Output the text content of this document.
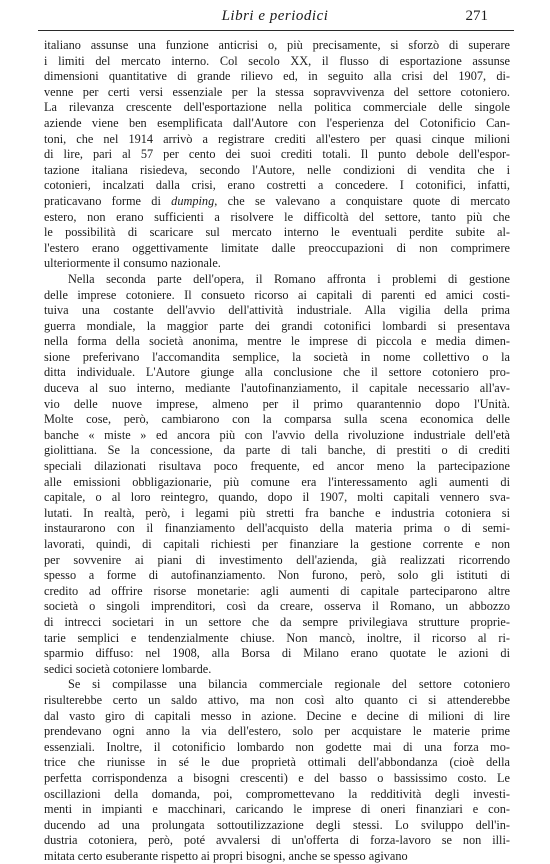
Libri e periodici	271
italiano assunse una funzione anticrisi o, più precisamente, si sforzò di superare
i limiti del mercato interno. Col secolo XX, il flusso di esportazione assunse
dimensioni quantitative di grande rilievo ed, in seguito alla crisi del 1907, di-
venne per certi versi essenziale per la stessa sopravvivenza del settore cotoniero.
La rilevanza crescente dell'esportazione nella politica commerciale delle singole
aziende viene ben esemplificata dall'Autore con l'esperienza del Cotonificio Can-
toni, che nel 1914 arrivò a registrare crediti all'estero per quasi cinque milioni
di lire, pari al 57 per cento dei suoi crediti totali. Il punto debole dell'espor-
tazione italiana risiedeva, secondo l'Autore, nelle condizioni di vendita che i
cotonieri, incalzati dalla crisi, erano costretti a concedere. I cotonifici, infatti,
praticavano forme di dumping, che se valevano a conquistare quote di mercato
estero, non erano sufficienti a risolvere le difficoltà del settore, tanto più che
le possibilità di scaricare sul mercato interno le eventuali perdite subite al-
l'estero erano oggettivamente limitate dalle preoccupazioni di non comprimere
ulteriormente il consumo nazionale.
Nella seconda parte dell'opera, il Romano affronta i problemi di gestione
delle imprese cotoniere. Il consueto ricorso ai capitali di parenti ed amici costi-
tuiva una costante dell'avvio dell'attività industriale. Alla vigilia della prima
guerra mondiale, la maggior parte dei grandi cotonifici lombardi si presentava
nella forma della società anonima, mentre le imprese di piccola e media dimen-
sione preferivano l'accomandita semplice, la società in nome collettivo o la
ditta individuale. L'Autore giunge alla conclusione che il settore cotoniero pro-
duceva al suo interno, mediante l'autofinanziamento, il capitale necessario all'av-
vio delle nuove imprese, almeno per il primo quarantennio dopo l'Unità.
Molte cose, però, cambiarono con la comparsa sulla scena economica delle
banche « miste » ed ancora più con l'avvio della rivoluzione industriale dell'età
giolittiana. Se la concessione, da parte di tali banche, di prestiti o di crediti
speciali dilazionati risultava poco frequente, ed ancor meno la partecipazione
alle emissioni obbligazionarie, più comune era l'interessamento agli aumenti di
capitale, o al loro reintegro, quando, dopo il 1907, molti capitali vennero sva-
lutati. In realtà, però, i legami più stretti fra banche e industria cotoniera si
instaurarono con il finanziamento dell'acquisto della materia prima o di semi-
lavorati, quindi, di capitali richiesti per finanziare la gestione corrente e non
per sovvenire ai piani di investimento dell'azienda, già realizzati ricorrendo
spesso a forme di autofinanziamento. Non furono, però, solo gli istituti di
credito ad offrire risorse monetarie: agli aumenti di capitale parteciparono altre
società o singoli imprenditori, così da creare, osserva il Romano, un abbozzo
di intrecci societari in un settore che da sempre privilegiava strutture proprie-
tarie semplici e tendenzialmente chiuse. Non mancò, inoltre, il ricorso al ri-
sparmio diffuso: nel 1908, alla Borsa di Milano erano quotate le azioni di
sedici società cotoniere lombarde.
Se si compilasse una bilancia commerciale regionale del settore cotoniero
risulterebbe certo un saldo attivo, ma non così alto quanto ci si attenderebbe
dal vasto giro di capitali messo in azione. Decine e decine di milioni di lire
prendevano ogni anno la via dell'estero, solo per acquistare le materie prime
essenziali. Inoltre, il cotonificio lombardo non godette mai di una forza mo-
trice che riunisse in sé le due proprietà ottimali dell'abbondanza (cioè della
perfetta corrispondenza a bisogni crescenti) e del basso o bassissimo costo. Le
oscillazioni della domanda, poi, compromettevano la redditività degli investi-
menti in impianti e macchinari, caricando le imprese di oneri finanziari e con-
ducendo ad una prolungata sottoutilizzazione degli stessi. Lo sviluppo dell'in-
dustria cotoniera, però, poté avvalersi di un'offerta di forza-lavoro se non illi-
mitata certo esuberante rispetto ai propri bisogni, anche se spesso agivano
